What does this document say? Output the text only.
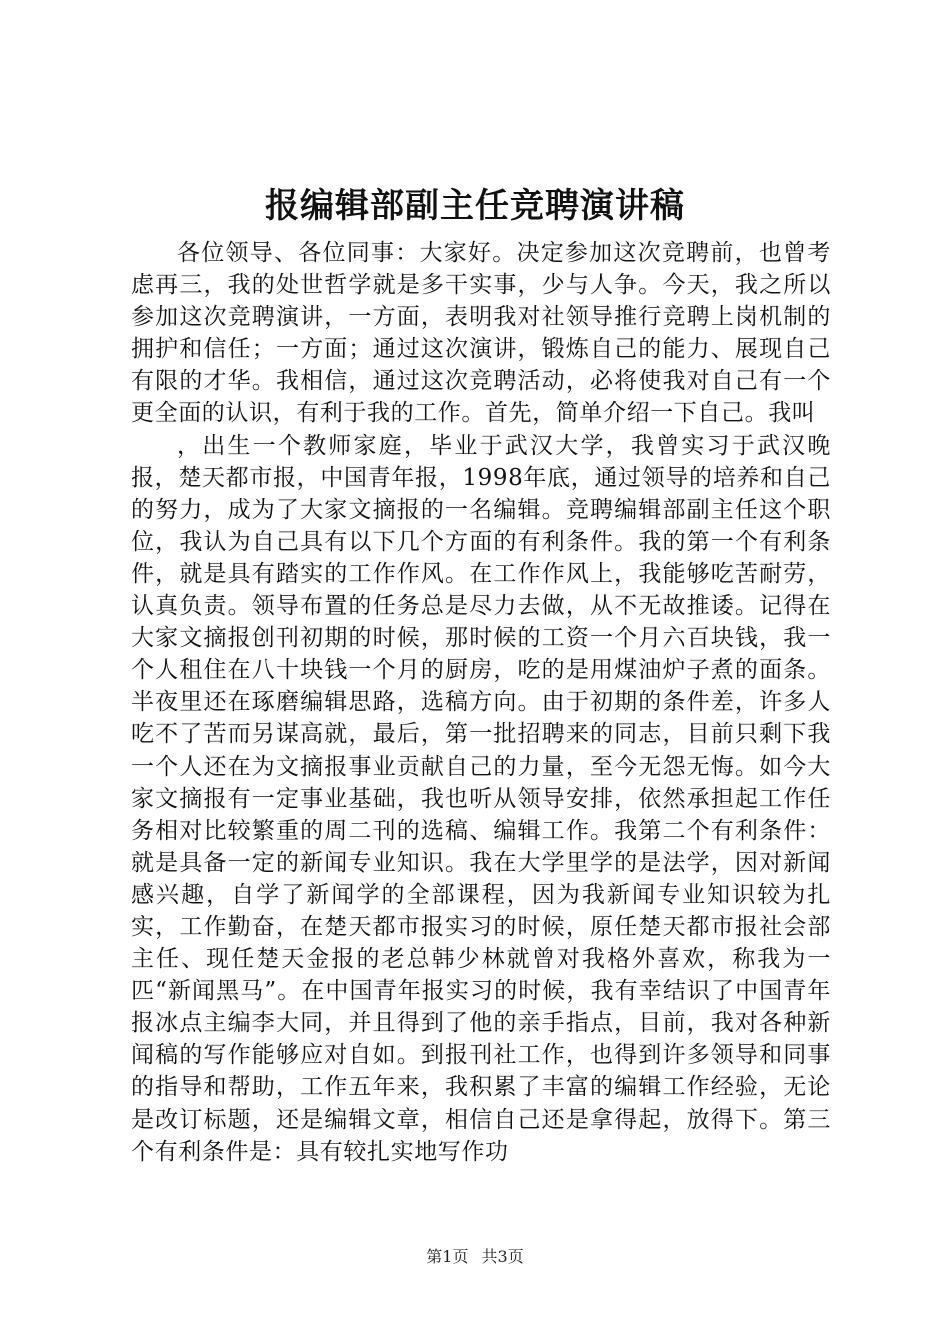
报编辑部副主任竞聘演讲稿

各位领导、各位同事：大家好。决定参加这次竞聘前，也曾考虑再三，我的处世哲学就是多干实事，少与人争。今天，我之所以参加这次竞聘演讲，一方面，表明我对社领导推行竞聘上岗机制的拥护和信任；一方面；通过这次演讲，锻炼自己的能力、展现自己有限的才华。我相信，通过这次竞聘活动，必将使我对自己有一个更全面的认识，有利于我的工作。首先，简单介绍一下自己。我叫

，出生一个教师家庭，毕业于武汉大学，我曾实习于武汉晚报，楚天都市报，中国青年报，1998年底，通过领导的培养和自己的努力，成为了大家文摘报的一名编辑。竞聘编辑部副主任这个职位，我认为自己具有以下几个方面的有利条件。我的第一个有利条件，就是具有踏实的工作作风。在工作作风上，我能够吃苦耐劳，认真负责。领导布置的任务总是尽力去做，从不无故推诿。记得在大家文摘报创刊初期的时候，那时候的工资一个月六百块钱，我一个人租住在八十块钱一个月的厨房，吃的是用煤油炉子煮的面条。半夜里还在琢磨编辑思路，选稿方向。由于初期的条件差，许多人吃不了苦而另谋高就，最后，第一批招聘来的同志，目前只剩下我一个人还在为文摘报事业贡献自己的力量，至今无怨无悔。如今大家文摘报有一定事业基础，我也听从领导安排，依然承担起工作任务相对比较繁重的周二刊的选稿、编辑工作。我第二个有利条件：就是具备一定的新闻专业知识。我在大学里学的是法学，因对新闻感兴趣，自学了新闻学的全部课程，因为我新闻专业知识较为扎实，工作勤奋，在楚天都市报实习的时候，原任楚天都市报社会部主任、现任楚天金报的老总韩少林就曾对我格外喜欢，称我为一匹“新闻黑马”。在中国青年报实习的时候，我有幸结识了中国青年报冰点主编李大同，并且得到了他的亲手指点，目前，我对各种新闻稿的写作能够应对自如。到报刊社工作，也得到许多领导和同事的指导和帮助，工作五年来，我积累了丰富的编辑工作经验，无论是改订标题，还是编辑文章，相信自己还是拿得起，放得下。第三个有利条件是：具有较扎实地写作功

第1页 共3页
